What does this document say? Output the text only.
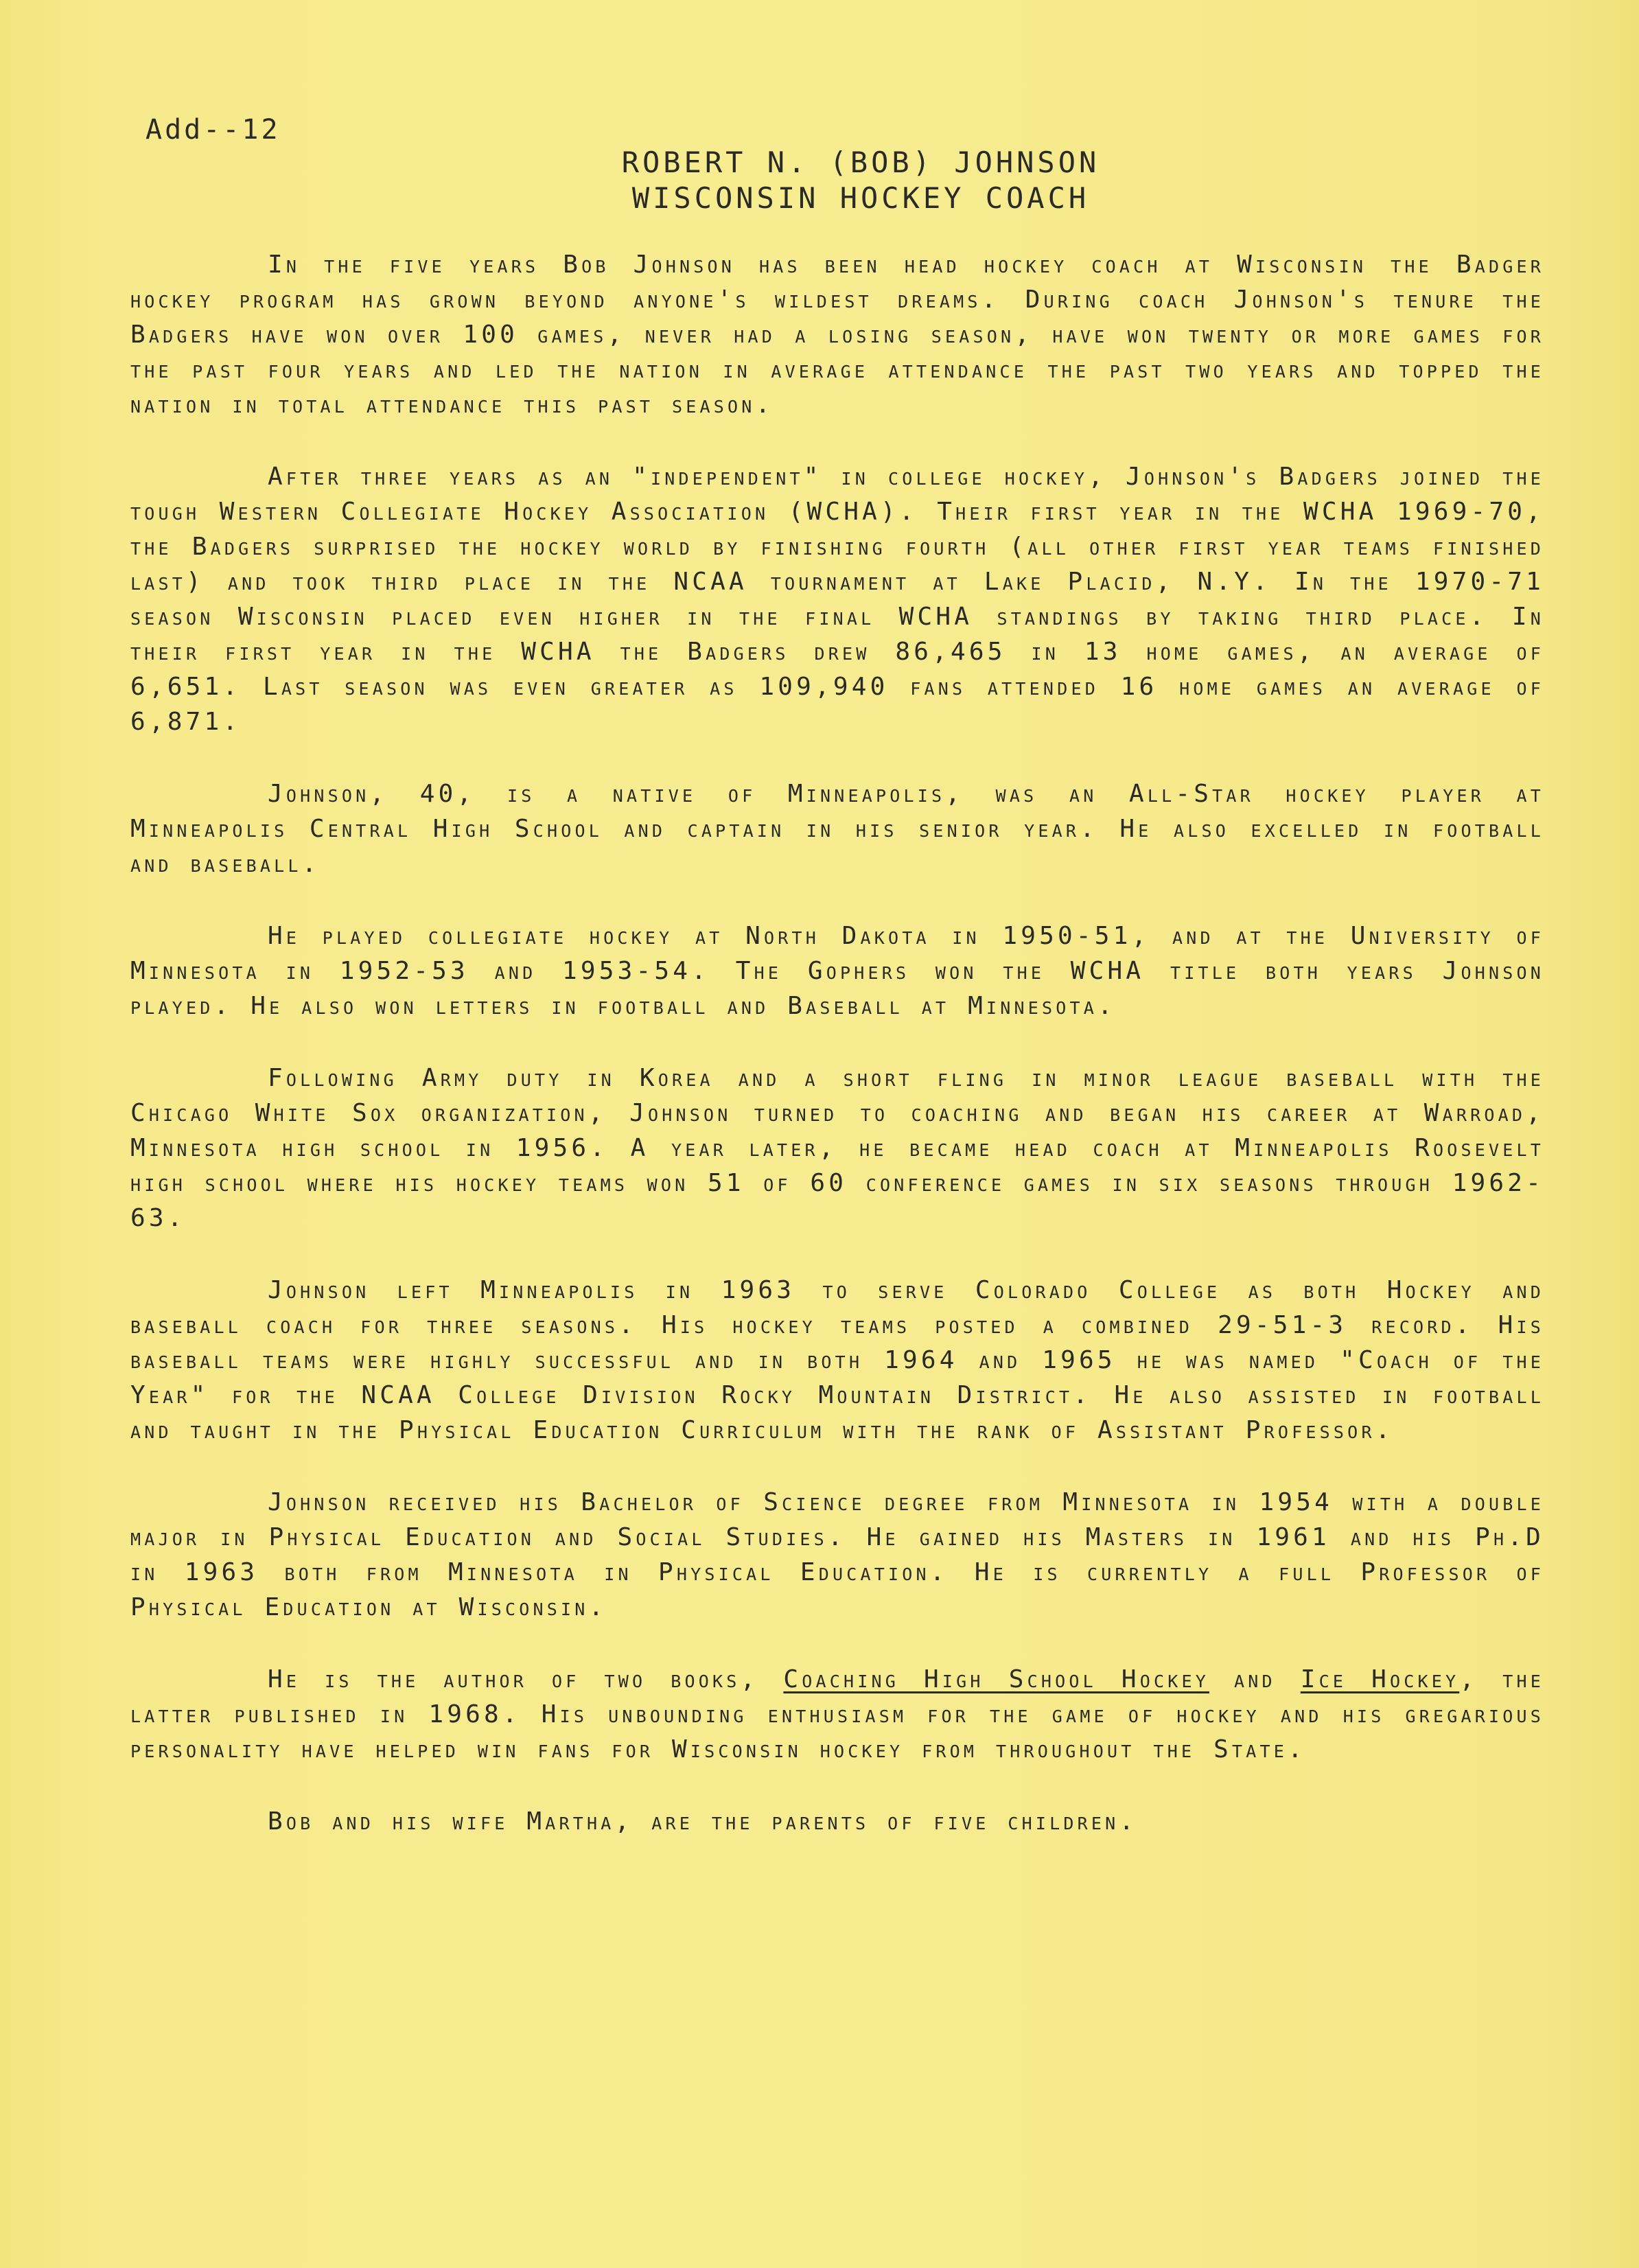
Add--12
ROBERT N. (BOB) JOHNSON
WISCONSIN HOCKEY COACH

In the five years Bob Johnson has been head hockey coach at Wisconsin the Badger hockey program has grown beyond anyone's wildest dreams. During coach Johnson's tenure the Badgers have won over 100 games, never had a losing season, have won twenty or more games for the past four years and led the nation in average attendance the past two years and topped the nation in total attendance this past season.

After three years as an "independent" in college hockey, Johnson's Badgers joined the tough Western Collegiate Hockey Association (WCHA). Their first year in the WCHA 1969-70, the Badgers surprised the hockey world by finishing fourth (all other first year teams finished last) and took third place in the NCAA tournament at Lake Placid, N.Y. In the 1970-71 season Wisconsin placed even higher in the final WCHA standings by taking third place. In their first year in the WCHA the Badgers drew 86,465 in 13 home games, an average of 6,651. Last season was even greater as 109,940 fans attended 16 home games an average of 6,871.

Johnson, 40, is a native of Minneapolis, was an All-Star hockey player at Minneapolis Central High School and captain in his senior year. He also excelled in football and baseball.

He played collegiate hockey at North Dakota in 1950-51, and at the University of Minnesota in 1952-53 and 1953-54. The Gophers won the WCHA title both years Johnson played. He also won letters in football and Baseball at Minnesota.

Following Army duty in Korea and a short fling in minor league baseball with the Chicago White Sox organization, Johnson turned to coaching and began his career at Warroad, Minnesota high school in 1956. A year later, he became head coach at Minneapolis Roosevelt high school where his hockey teams won 51 of 60 conference games in six seasons through 1962-63.

Johnson left Minneapolis in 1963 to serve Colorado College as both Hockey and baseball coach for three seasons. His hockey teams posted a combined 29-51-3 record. His baseball teams were highly successful and in both 1964 and 1965 he was named "Coach of the Year" for the NCAA College Division Rocky Mountain District. He also assisted in football and taught in the Physical Education Curriculum with the rank of Assistant Professor.

Johnson received his Bachelor of Science degree from Minnesota in 1954 with a double major in Physical Education and Social Studies. He gained his Masters in 1961 and his Ph.D in 1963 both from Minnesota in Physical Education. He is currently a full Professor of Physical Education at Wisconsin.

He is the author of two books, Coaching High School Hockey and Ice Hockey, the latter published in 1968. His unbounding enthusiasm for the game of hockey and his gregarious personality have helped win fans for Wisconsin hockey from throughout the State.

Bob and his wife Martha, are the parents of five children.
